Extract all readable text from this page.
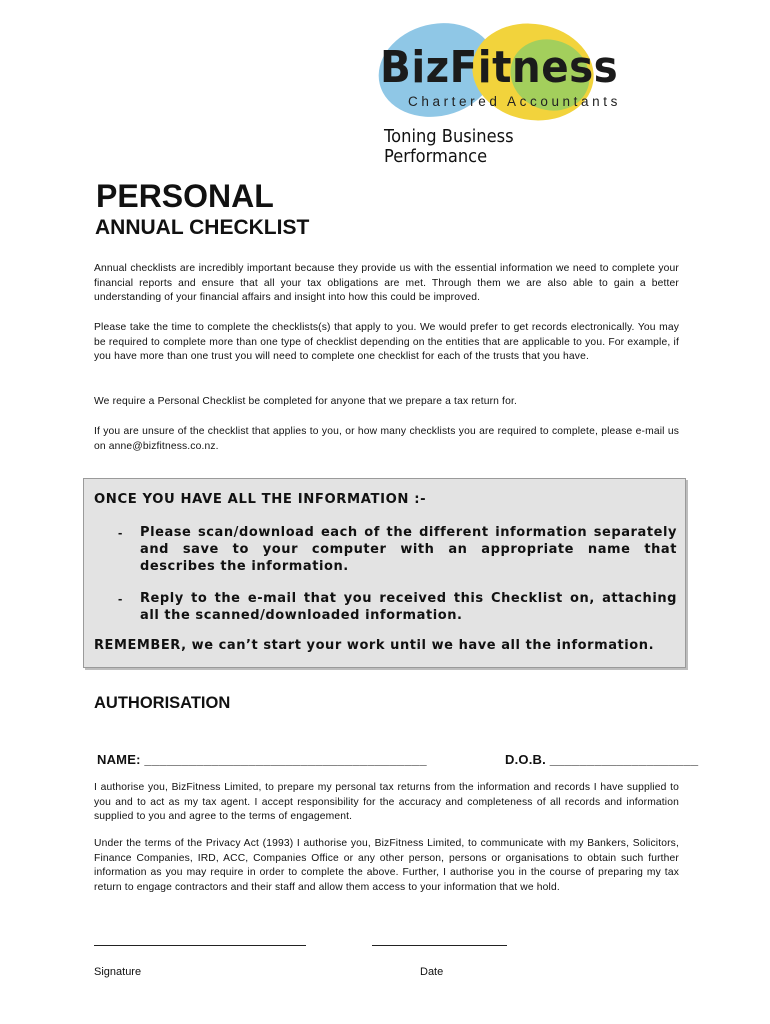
BizFitness
Chartered Accountants
Toning Business Performance
PERSONAL
ANNUAL CHECKLIST

Annual checklists are incredibly important because they provide us with the essential information we need to complete your financial reports and ensure that all your tax obligations are met. Through them we are also able to gain a better understanding of your financial affairs and insight into how this could be improved.

Please take the time to complete the checklists(s) that apply to you. We would prefer to get records electronically. You may be required to complete more than one type of checklist depending on the entities that are applicable to you. For example, if you have more than one trust you will need to complete one checklist for each of the trusts that you have.

We require a Personal Checklist be completed for anyone that we prepare a tax return for.

If you are unsure of the checklist that applies to you, or how many checklists you are required to complete, please e-mail us on anne@bizfitness.co.nz.

ONCE YOU HAVE ALL THE INFORMATION :-
- Please scan/download each of the different information separately and save to your computer with an appropriate name that describes the information.
- Reply to the e-mail that you received this Checklist on, attaching all the scanned/downloaded information.
REMEMBER, we can’t start your work until we have all the information.
AUTHORISATION
NAME: ______________________________________	D.O.B. ____________________

I authorise you, BizFitness Limited, to prepare my personal tax returns from the information and records I have supplied to you and to act as my tax agent. I accept responsibility for the accuracy and completeness of all records and information supplied to you and agree to the terms of engagement.

Under the terms of the Privacy Act (1993) I authorise you, BizFitness Limited, to communicate with my Bankers, Solicitors, Finance Companies, IRD, ACC, Companies Office or any other person, persons or organisations to obtain such further information as you may require in order to complete the above. Further, I authorise you in the course of preparing my tax return to engage contractors and their staff and allow them access to your information that we hold.

Signature	Date
